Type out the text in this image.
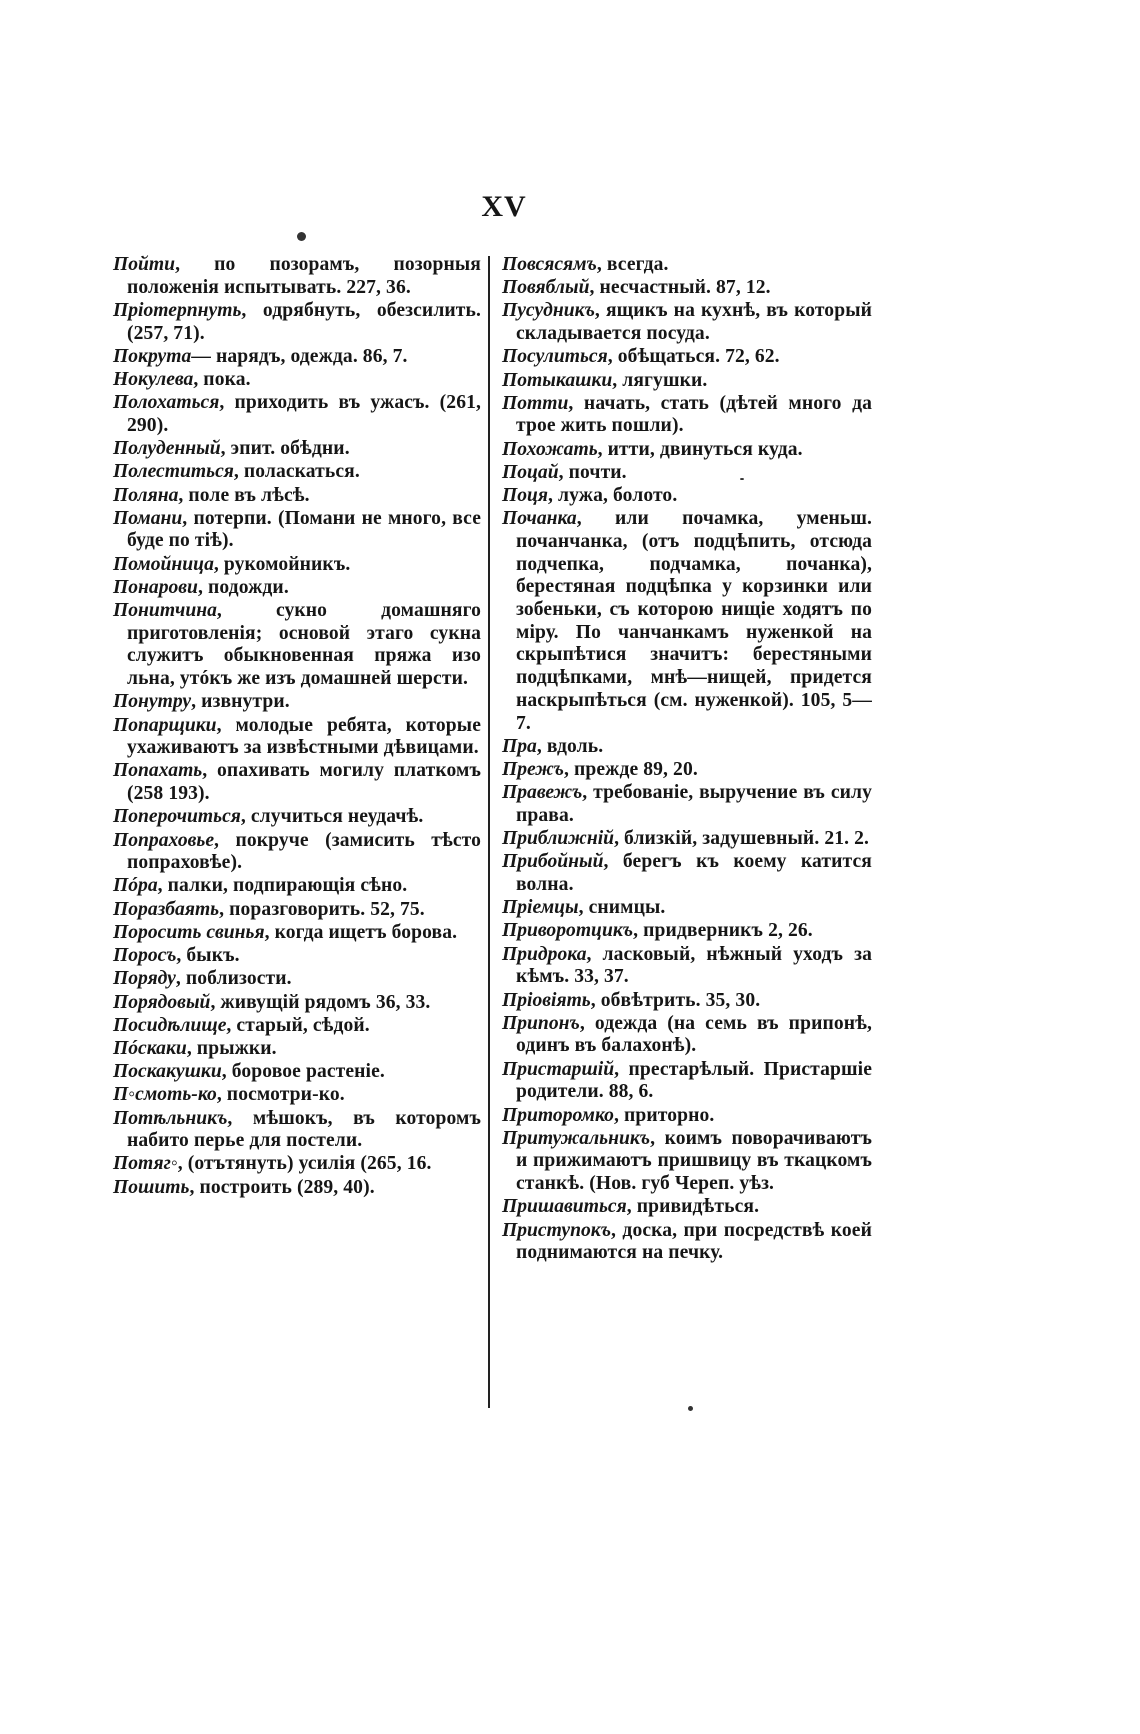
XV

Пойти, по позорамъ, позорныя положенія испытывать. 227, 36.

Пріотерпнуть, одрябнуть, обезсилить. (257, 71).

Покрута— нарядъ, одежда. 86, 7.

Нокулева, пока.

Полохаться, приходить въ ужасъ. (261, 290).

Полуденный, эпит. обѣдни.

Полеститься, поласкаться.

Поляна, поле въ лѣсѣ.

Помани, потерпи. (Помани не много, все буде по тіѣ).

Помойница, рукомойникъ.

Понарови, подожди.

Понитчина, сукно домашняго приготовленія; основой этаго сукна служитъ обыкновенная пряжа изо льна, утóкъ же изъ домашней шерсти.

Понутру, извнутри.

Попарщики, молодые ребята, которые ухаживаютъ за извѣстными дѣвицами.

Попахать, опахивать могилу платкомъ (258 193).

Поперочиться, случиться неудачѣ.

Попраховье, покруче (замисить тѣсто попраховѣе).

Пóра, палки, подпирающія сѣно.

Поразбаять, поразговорить. 52, 75.

Поросить свинья, когда ищетъ борова.

Поросъ, быкъ.

Поряду, поблизости.

Порядовый, живущій рядомъ 36, 33.

Посидѣлище, старый, сѣдой.

Пóскаки, прыжки.

Поскакушки, боровое растеніе.

П◦смоть-ко, посмотри-ко.

Потѣльникъ, мѣшокъ, въ которомъ набито перье для постели.

Потяг◦, (отътянуть) усилія (265, 16.

Пошить, построить (289, 40).

Повсясямъ, всегда.

Повяблый, несчастный. 87, 12.

Пусудникъ, ящикъ на кухнѣ, въ который складывается посуда.

Посулиться, обѣщаться. 72, 62.

Потыкашки, лягушки.

Потти, начать, стать (дѣтей много да трое жить пошли).

Похожать, итти, двинуться куда.

Поцай, почти.

Поця, лужа, болото.

Почанка, или почамка, уменьш. почанчанка, (отъ подцѣпить, отсюда подчепка, подчамка, почанка), берестяная подцѣпка у корзинки или зобеньки, съ которою нищіе ходятъ по міру. По чанчанкамъ нуженкой на скрыпѣтися значитъ: берестяными подцѣпками, мнѣ—нищей, придется наскрыпѣться (см. нуженкой). 105, 5—7.

Пра, вдоль.

Прежъ, прежде 89, 20.

Правежъ, требованіе, выручение въ силу права.

Приближній, близкій, задушевный. 21. 2.

Прибойный, берегъ къ коему катится волна.

Пріемцы, снимцы.

Приворотцикъ, придверникъ 2, 26.

Придрока, ласковый, нѣжный уходъ за кѣмъ. 33, 37.

Пріовіять, обвѣтрить. 35, 30.

Припонъ, одежда (на семь въ припонѣ, одинъ въ балахонѣ).

Пристаршій, престарѣлый. Пристаршіе родители. 88, 6.

Притоpомко, приторно.

Притужальникъ, коимъ поворачиваютъ и прижимаютъ пришвицу въ ткацкомъ станкѣ. (Нов. губ Череп. уѣз.

Пришавиться, привидѣться.

Приступокъ, доска, при посредствѣ коей поднимаются на печку.
